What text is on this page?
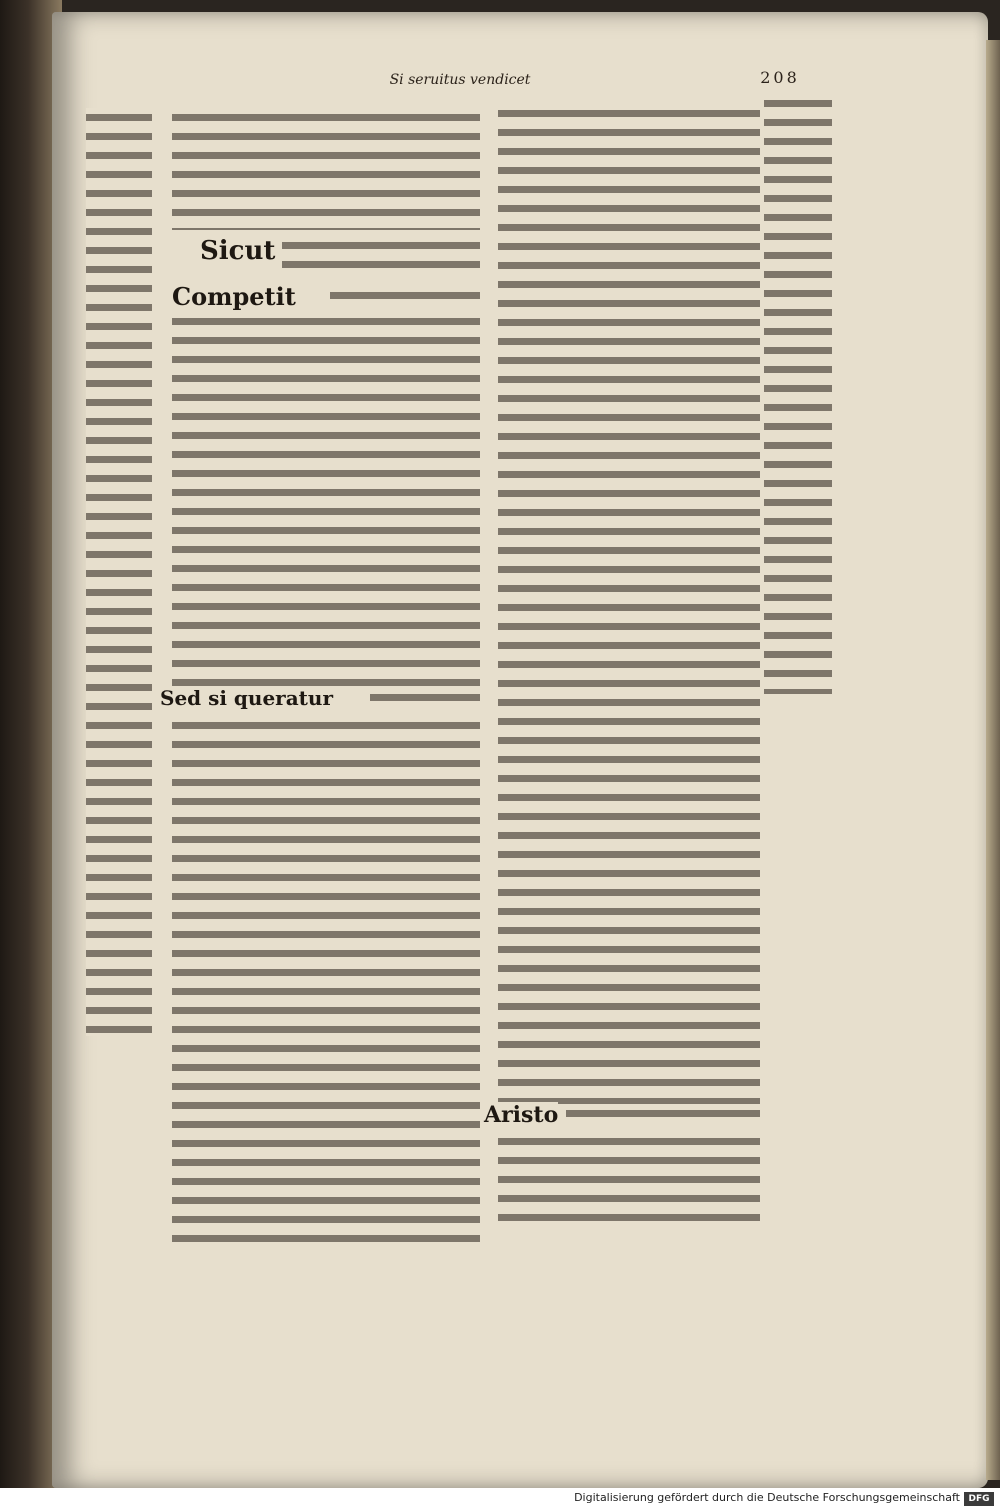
Si seruitus vendicet	208
Sicut
Competit
Sed si queratur
Aristo
Digitalisierung gefördert durch die Deutsche Forschungsgemeinschaft DFG
